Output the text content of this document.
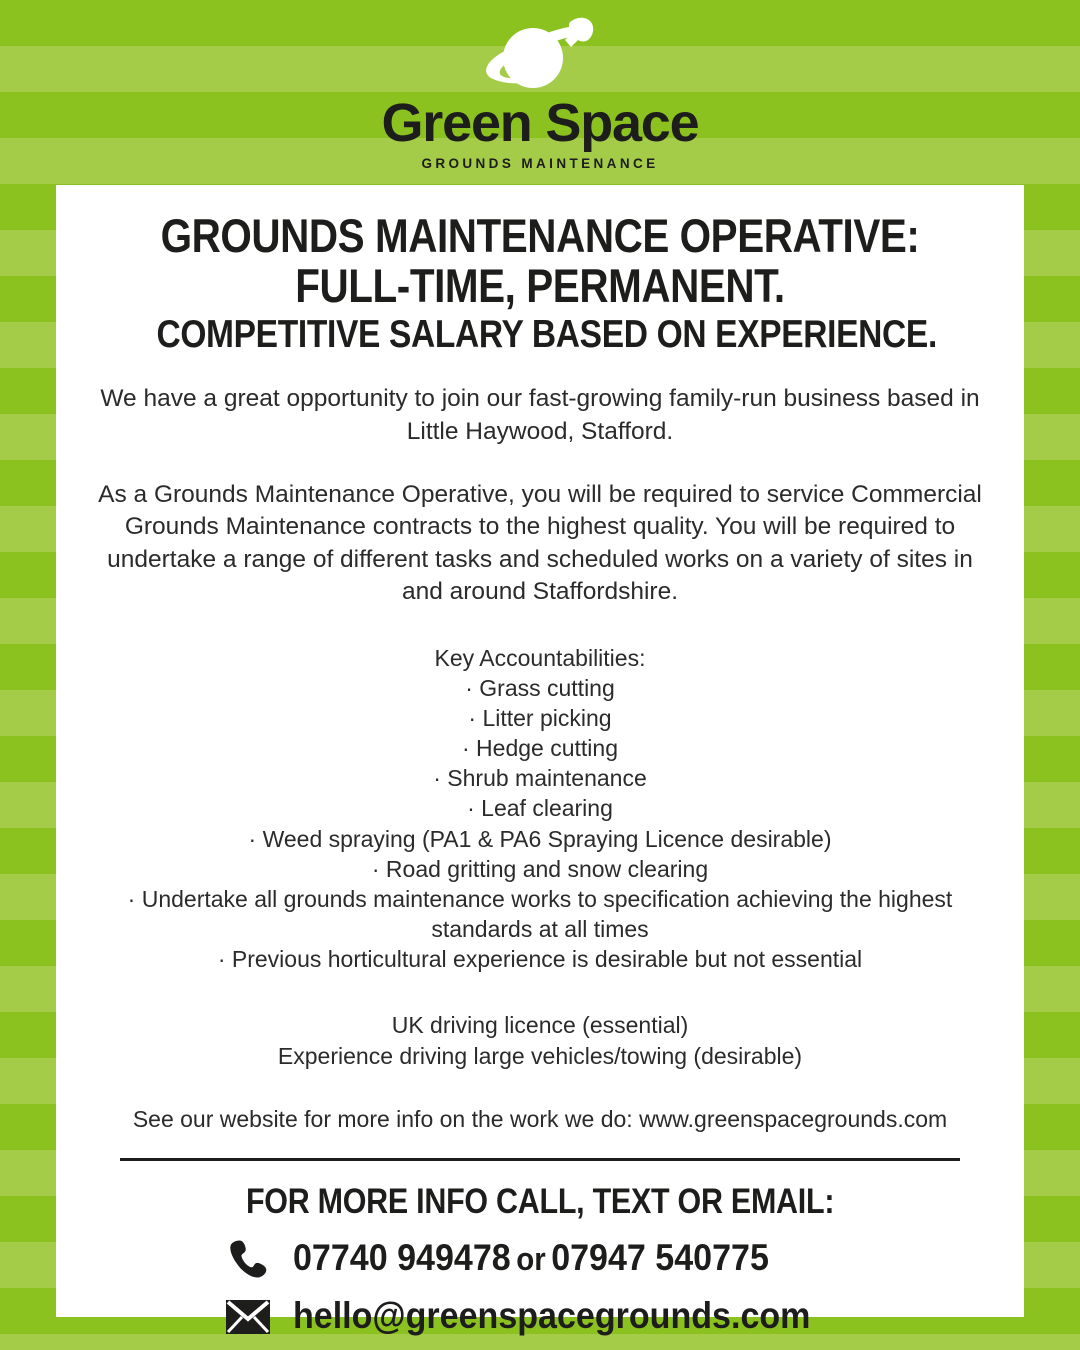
Green Space
GROUNDS MAINTENANCE
GROUNDS MAINTENANCE OPERATIVE:
FULL-TIME, PERMANENT.
COMPETITIVE SALARY BASED ON EXPERIENCE.

We have a great opportunity to join our fast-growing family-run business based in Little Haywood, Stafford.

As a Grounds Maintenance Operative, you will be required to service Commercial Grounds Maintenance contracts to the highest quality. You will be required to undertake a range of different tasks and scheduled works on a variety of sites in and around Staffordshire.

Key Accountabilities:

· Grass cutting

· Litter picking

· Hedge cutting

· Shrub maintenance

· Leaf clearing

· Weed spraying (PA1 & PA6 Spraying Licence desirable)

· Road gritting and snow clearing

· Undertake all grounds maintenance works to specification achieving the highest standards at all times

· Previous horticultural experience is desirable but not essential

UK driving licence (essential)

Experience driving large vehicles/towing (desirable)

See our website for more info on the work we do: www.greenspacegrounds.com
FOR MORE INFO CALL, TEXT OR EMAIL:
07740 949478 or 07947 540775
hello@greenspacegrounds.com
